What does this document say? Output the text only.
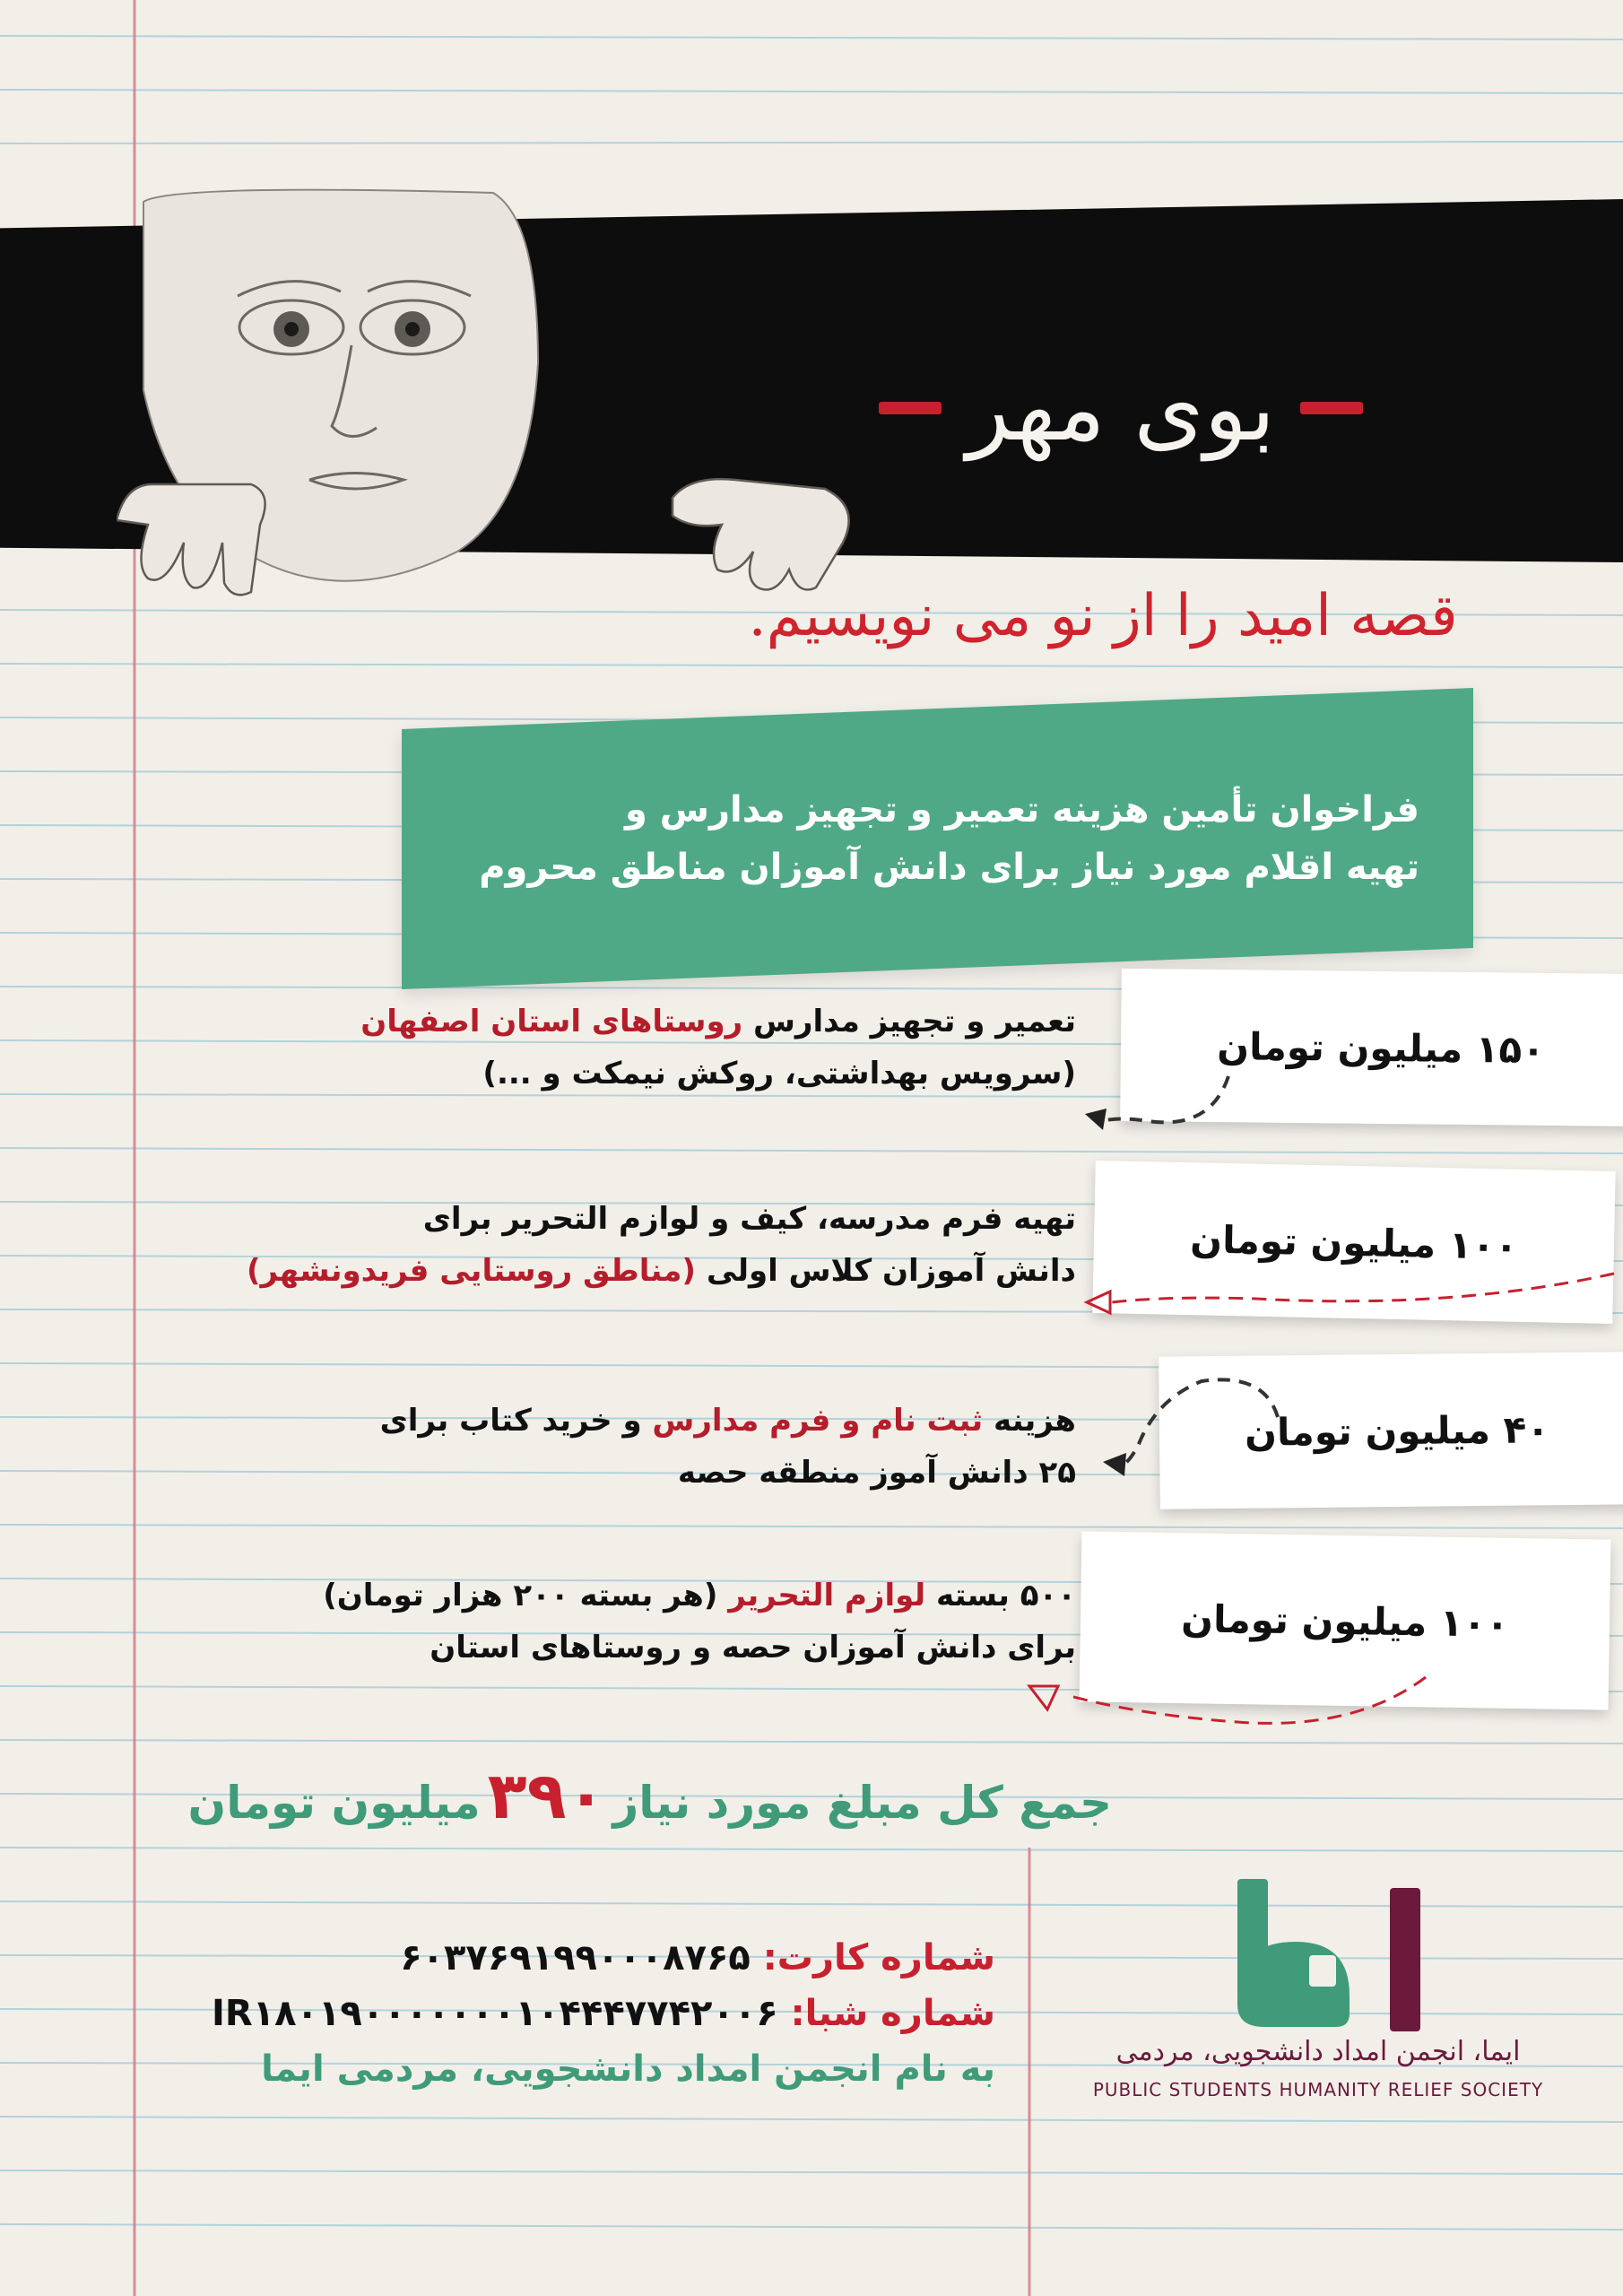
بوی مهر
قصه امید را از نو می نویسیم.

فراخوان تأمین هزینه تعمیر و تجهیز مدارس و

تهیه اقلام مورد نیاز برای دانش آموزان مناطق محروم

تعمیر و تجهیز مدارس روستاهای استان اصفهان
(سرویس بهداشتی، روکش نیمکت و ...)
۱۵۰ میلیون تومان
تهیه فرم مدرسه، کیف و لوازم التحریر برای
دانش آموزان کلاس اولی (مناطق روستایی فریدونشهر)
۱۰۰ میلیون تومان
هزینه ثبت نام و فرم مدارس و خرید کتاب برای
۲۵ دانش آموز منطقه حصه
۴۰ میلیون تومان
۵۰۰ بسته لوازم التحریر (هر بسته ۲۰۰ هزار تومان)
برای دانش آموزان حصه و روستاهای استان
۱۰۰ میلیون تومان
جمع کل مبلغ مورد نیاز۳۹۰میلیون تومان
شماره کارت: ۶۰۳۷۶۹۱۹۹۰۰۰۸۷۶۵
شماره شبا: IR۱۸۰۱۹۰۰۰۰۰۰۰۱۰۴۴۴۷۷۴۲۰۰۶
به نام انجمن امداد دانشجویی، مردمی ایما	ایما، انجمن امداد دانشجویی، مردمی
PUBLIC STUDENTS HUMANITY RELIEF SOCIETY
